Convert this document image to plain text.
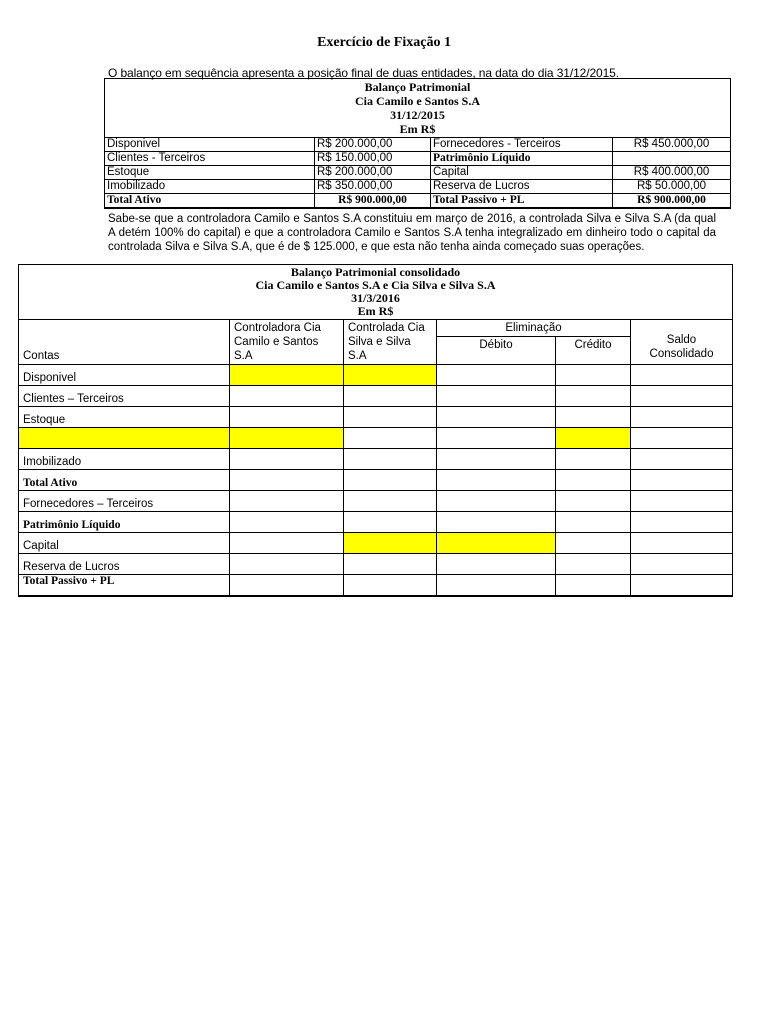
Exercício de Fixação 1
O balanço em sequência apresenta a posição final de duas entidades, na data do dia 31/12/2015.
Balanço Patrimonial
Cia Camilo e Santos S.A
31/12/2015
Em R$			

Disponivel	R$ 200.000,00	Fornecedores - Terceiros	R$ 450.000,00
Clientes - Terceiros	R$ 150.000,00	Patrimônio Líquido	
Estoque	R$ 200.000,00	Capital	R$ 400.000,00
Imobilizado	R$ 350.000,00	Reserva de Lucros	R$ 50.000,00
Total Ativo	R$ 900.000,00	Total Passivo + PL	R$ 900.000,00
Sabe-se que a controladora Camilo e Santos S.A constituiu em março de 2016, a controlada Silva e Silva S.A (da qual A detém 100% do capital) e que a controladora Camilo e Santos S.A tenha integralizado em dinheiro todo o capital da controlada Silva e Silva S.A, que é de $ 125.000, e que esta não tenha ainda começado suas operações.
Balanço Patrimonial consolidado
Cia Camilo e Santos S.A e Cia Silva e Silva S.A
31/3/2016
Em R$					

Contas	Controladora Cia Camilo e Santos S.A	Controlada Cia Silva e Silva S.A	Eliminação		Saldo Consolidado
			Débito	Crédito	
Disponivel					
Clientes – Terceiros					
Estoque					

Imobilizado					
Total Ativo					
Fornecedores – Terceiros					
Patrimônio Líquido					
Capital					
Reserva de Lucros					
Total Passivo + PL					
